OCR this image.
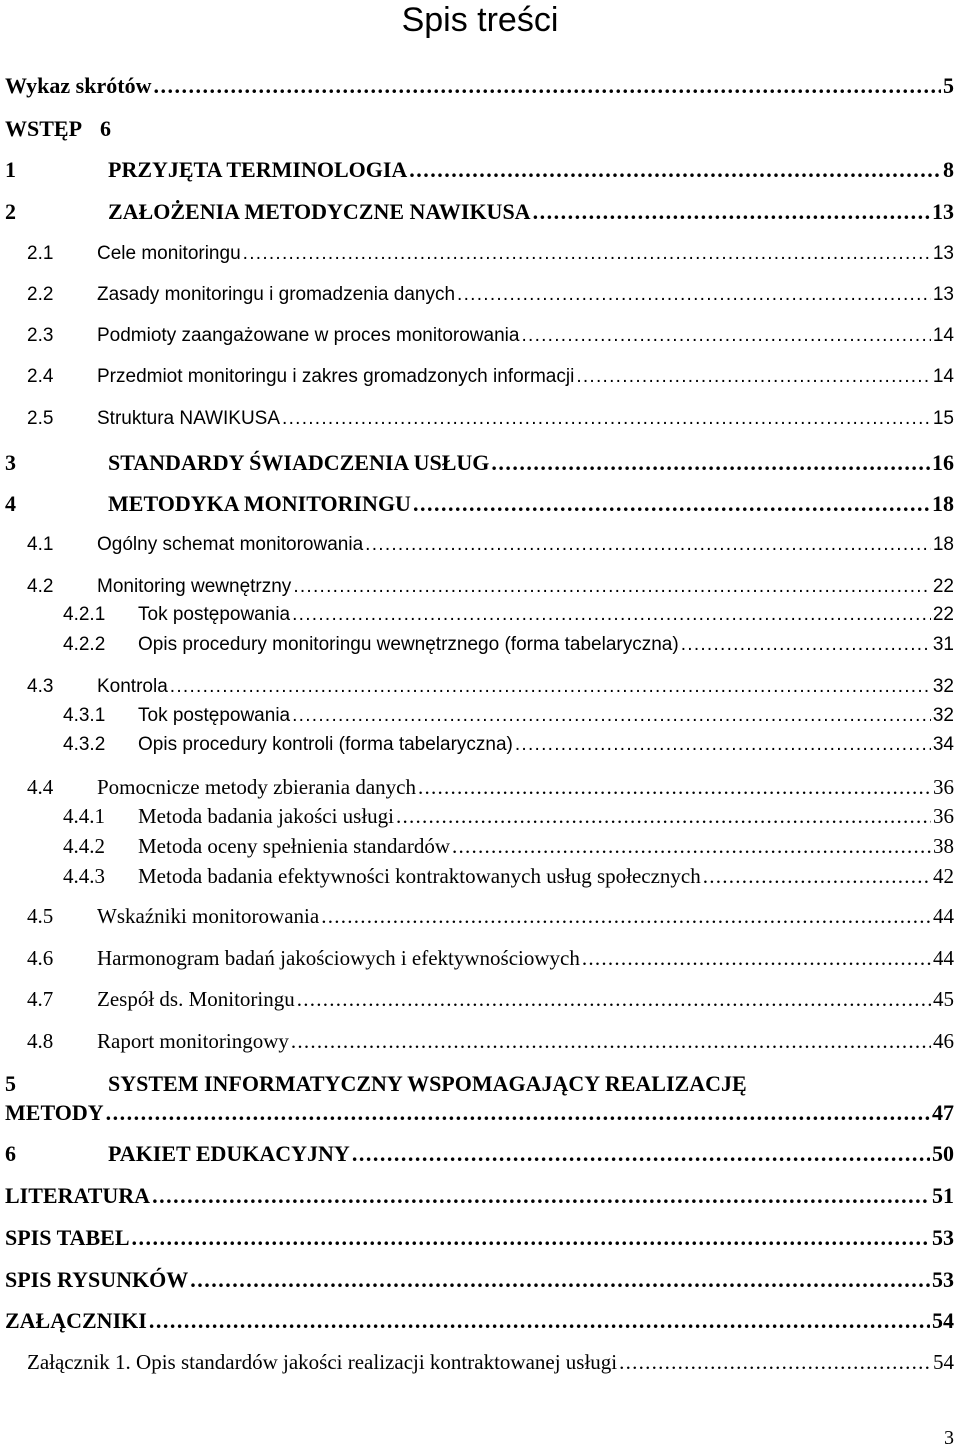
Spis treści
Wykaz skrótów . . .	5
WSTĘP 6
1	PRZYJĘTA TERMINOLOGIA . . .	8
2	ZAŁOŻENIA METODYCZNE NAWIKUSA . . .	13
2.1	Cele monitoringu . . .	13
2.2	Zasady monitoringu i gromadzenia danych . . .	13
2.3	Podmioty zaangażowane w proces monitorowania . . .	14
2.4	Przedmiot monitoringu i zakres gromadzonych informacji . . .	14
2.5	Struktura NAWIKUSA . . .	15
3	STANDARDY ŚWIADCZENIA USŁUG . . .	16
4	METODYKA MONITORINGU . . .	18
4.1	Ogólny schemat monitorowania . . .	18
4.2	Monitoring wewnętrzny . . .	22
4.2.1	Tok postępowania . . .	22
4.2.2	Opis procedury monitoringu wewnętrznego (forma tabelaryczna) . . .	31
4.3	Kontrola . . .	32
4.3.1	Tok postępowania . . .	32
4.3.2	Opis procedury kontroli (forma tabelaryczna) . . .	34
4.4	Pomocnicze metody zbierania danych . . .	36
4.4.1	Metoda badania jakości usługi . . .	36
4.4.2	Metoda oceny spełnienia standardów . . .	38
4.4.3	Metoda badania efektywności kontraktowanych usług społecznych . . .	42
4.5	Wskaźniki monitorowania . . .	44
4.6	Harmonogram badań jakościowych i efektywnościowych . . .	44
4.7	Zespół ds. Monitoringu . . .	45
4.8	Raport monitoringowy . . .	46
5	SYSTEM INFORMATYCZNY WSPOMAGAJĄCY REALIZACJĘ
METODY . . .	47
6	PAKIET EDUKACYJNY . . .	50
LITERATURA . . .	51
SPIS TABEL . . .	53
SPIS RYSUNKÓW . . .	53
ZAŁĄCZNIKI . . .	54
Załącznik 1. Opis standardów jakości realizacji kontraktowanej usługi . . .	54
3
